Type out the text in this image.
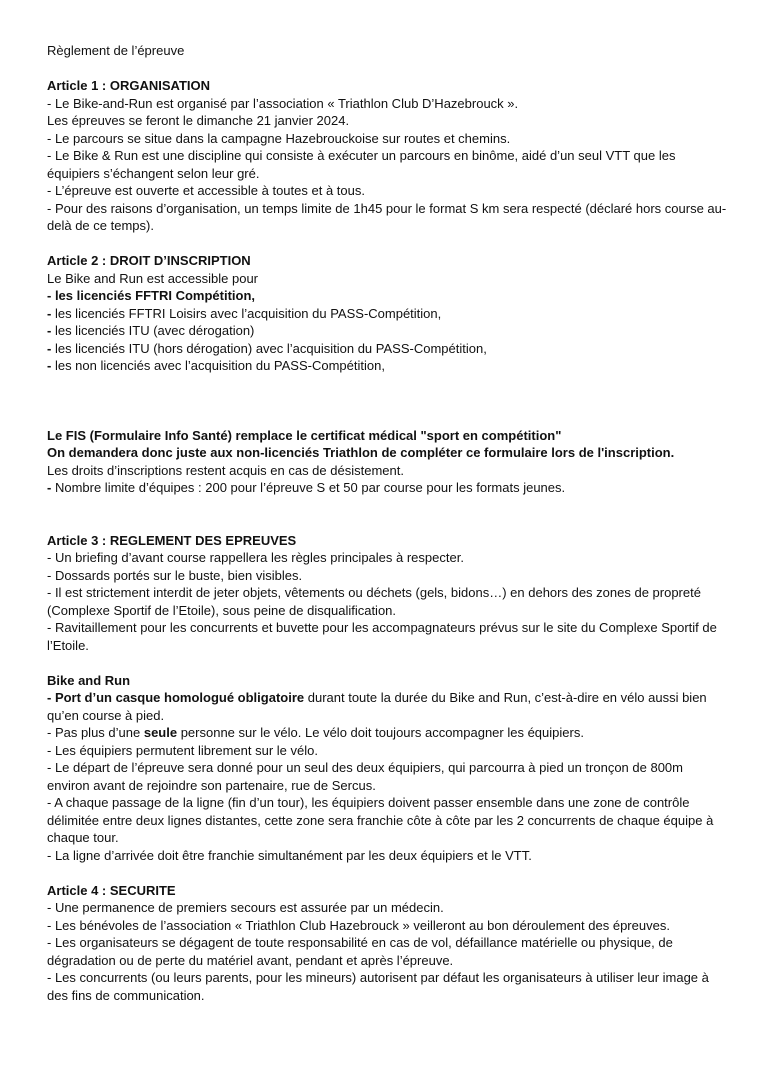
Règlement de l’épreuve

Article 1 : ORGANISATION

- Le Bike-and-Run est organisé par l’association « Triathlon Club D’Hazebrouck ».

Les épreuves se feront le dimanche 21 janvier 2024.

- Le parcours se situe dans la campagne Hazebrouckoise sur routes et chemins.

- Le Bike & Run est une discipline qui consiste à exécuter un parcours en binôme, aidé d’un seul VTT que les équipiers s’échangent selon leur gré.

- L’épreuve est ouverte et accessible à toutes et à tous.

- Pour des raisons d’organisation, un temps limite de 1h45 pour le format S km sera respecté (déclaré hors course au-delà de ce temps).

Article 2 : DROIT D’INSCRIPTION

Le Bike and Run est accessible pour

- les licenciés FFTRI Compétition,

- les licenciés FFTRI Loisirs avec l’acquisition du PASS-Compétition,

- les licenciés ITU (avec dérogation)

- les licenciés ITU (hors dérogation) avec l’acquisition du PASS-Compétition,

- les non licenciés avec l’acquisition du PASS-Compétition,

Le FIS (Formulaire Info Santé) remplace le certificat médical "sport en compétition"

On demandera donc juste aux non-licenciés Triathlon de compléter ce formulaire lors de l'inscription.

Les droits d’inscriptions restent acquis en cas de désistement.

- Nombre limite d’équipes : 200 pour l’épreuve S et 50 par course pour les formats jeunes.

Article 3 : REGLEMENT DES EPREUVES

- Un briefing d’avant course rappellera les règles principales à respecter.

- Dossards portés sur le buste, bien visibles.

- Il est strictement interdit de jeter objets, vêtements ou déchets (gels, bidons…) en dehors des zones de propreté (Complexe Sportif de l’Etoile), sous peine de disqualification.

- Ravitaillement pour les concurrents et buvette pour les accompagnateurs prévus sur le site du Complexe Sportif de l’Etoile.

Bike and Run

- Port d’un casque homologué obligatoire durant toute la durée du Bike and Run, c’est-à-dire en vélo aussi bien qu’en course à pied.

- Pas plus d’une seule personne sur le vélo. Le vélo doit toujours accompagner les équipiers.

- Les équipiers permutent librement sur le vélo.

- Le départ de l’épreuve sera donné pour un seul des deux équipiers, qui parcourra à pied un tronçon de 800m environ avant de rejoindre son partenaire, rue de Sercus.

- A chaque passage de la ligne (fin d’un tour), les équipiers doivent passer ensemble dans une zone de contrôle délimitée entre deux lignes distantes, cette zone sera franchie côte à côte par les 2 concurrents de chaque équipe à chaque tour.

- La ligne d’arrivée doit être franchie simultanément par les deux équipiers et le VTT.

Article 4 : SECURITE

- Une permanence de premiers secours est assurée par un médecin.

- Les bénévoles de l’association « Triathlon Club Hazebrouck » veilleront au bon déroulement des épreuves.

- Les organisateurs se dégagent de toute responsabilité en cas de vol, défaillance matérielle ou physique, de dégradation ou de perte du matériel avant, pendant et après l’épreuve.

- Les concurrents (ou leurs parents, pour les mineurs) autorisent par défaut les organisateurs à utiliser leur image à des fins de communication.
